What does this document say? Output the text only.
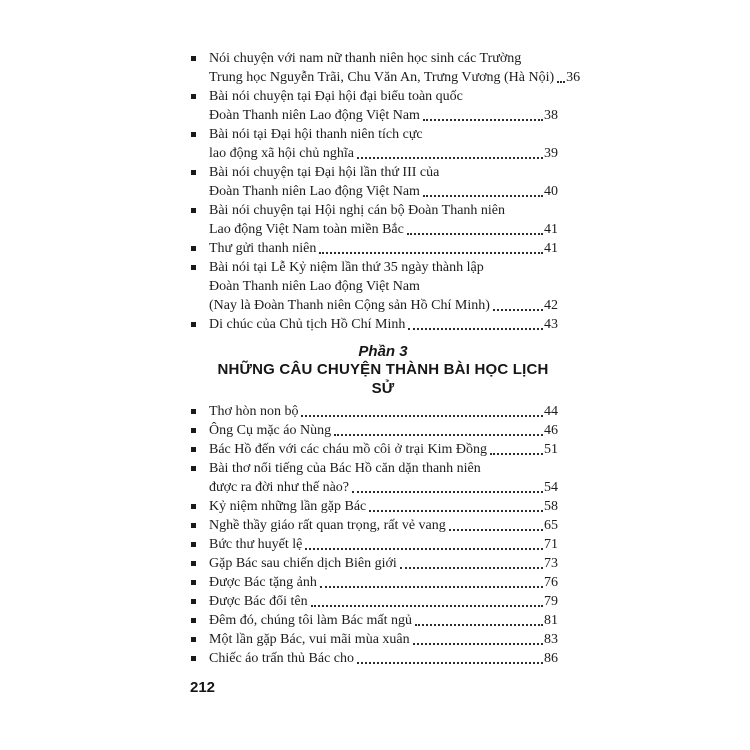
Nói chuyện với nam nữ thanh niên học sinh các Trường
Trung học Nguyễn Trãi, Chu Văn An, Trưng Vương (Hà Nội) 36
Bài nói chuyện tại Đại hội đại biểu toàn quốc
Đoàn Thanh niên Lao động Việt Nam	38
Bài nói tại Đại hội thanh niên tích cực
lao động xã hội chủ nghĩa	39
Bài nói chuyện tại Đại hội lần thứ III của
Đoàn Thanh niên Lao động Việt Nam	40
Bài nói chuyện tại Hội nghị cán bộ Đoàn Thanh niên
Lao động Việt Nam toàn miền Bắc	41
Thư gửi thanh niên	41
Bài nói tại Lễ Kỷ niệm lần thứ 35 ngày thành lập
Đoàn Thanh niên Lao động Việt Nam
(Nay là Đoàn Thanh niên Cộng sản Hồ Chí Minh)	42
Di chúc của Chủ tịch Hồ Chí Minh	43
Phần 3
NHỮNG CÂU CHUYỆN THÀNH BÀI HỌC LỊCH SỬ
Thơ hòn non bộ	44
Ông Cụ mặc áo Nùng	46
Bác Hồ đến với các cháu mồ côi ở trại Kim Đồng	51
Bài thơ nổi tiếng của Bác Hồ căn dặn thanh niên
được ra đời như thế nào?	54
Kỷ niệm những lần gặp Bác	58
Nghề thầy giáo rất quan trọng, rất vẻ vang	65
Bức thư huyết lệ	71
Gặp Bác sau chiến dịch Biên giới	73
Được Bác tặng ảnh	76
Được Bác đổi tên	79
Đêm đó, chúng tôi làm Bác mất ngủ	81
Một lần gặp Bác, vui mãi mùa xuân	83
Chiếc áo trấn thủ Bác cho	86
212
